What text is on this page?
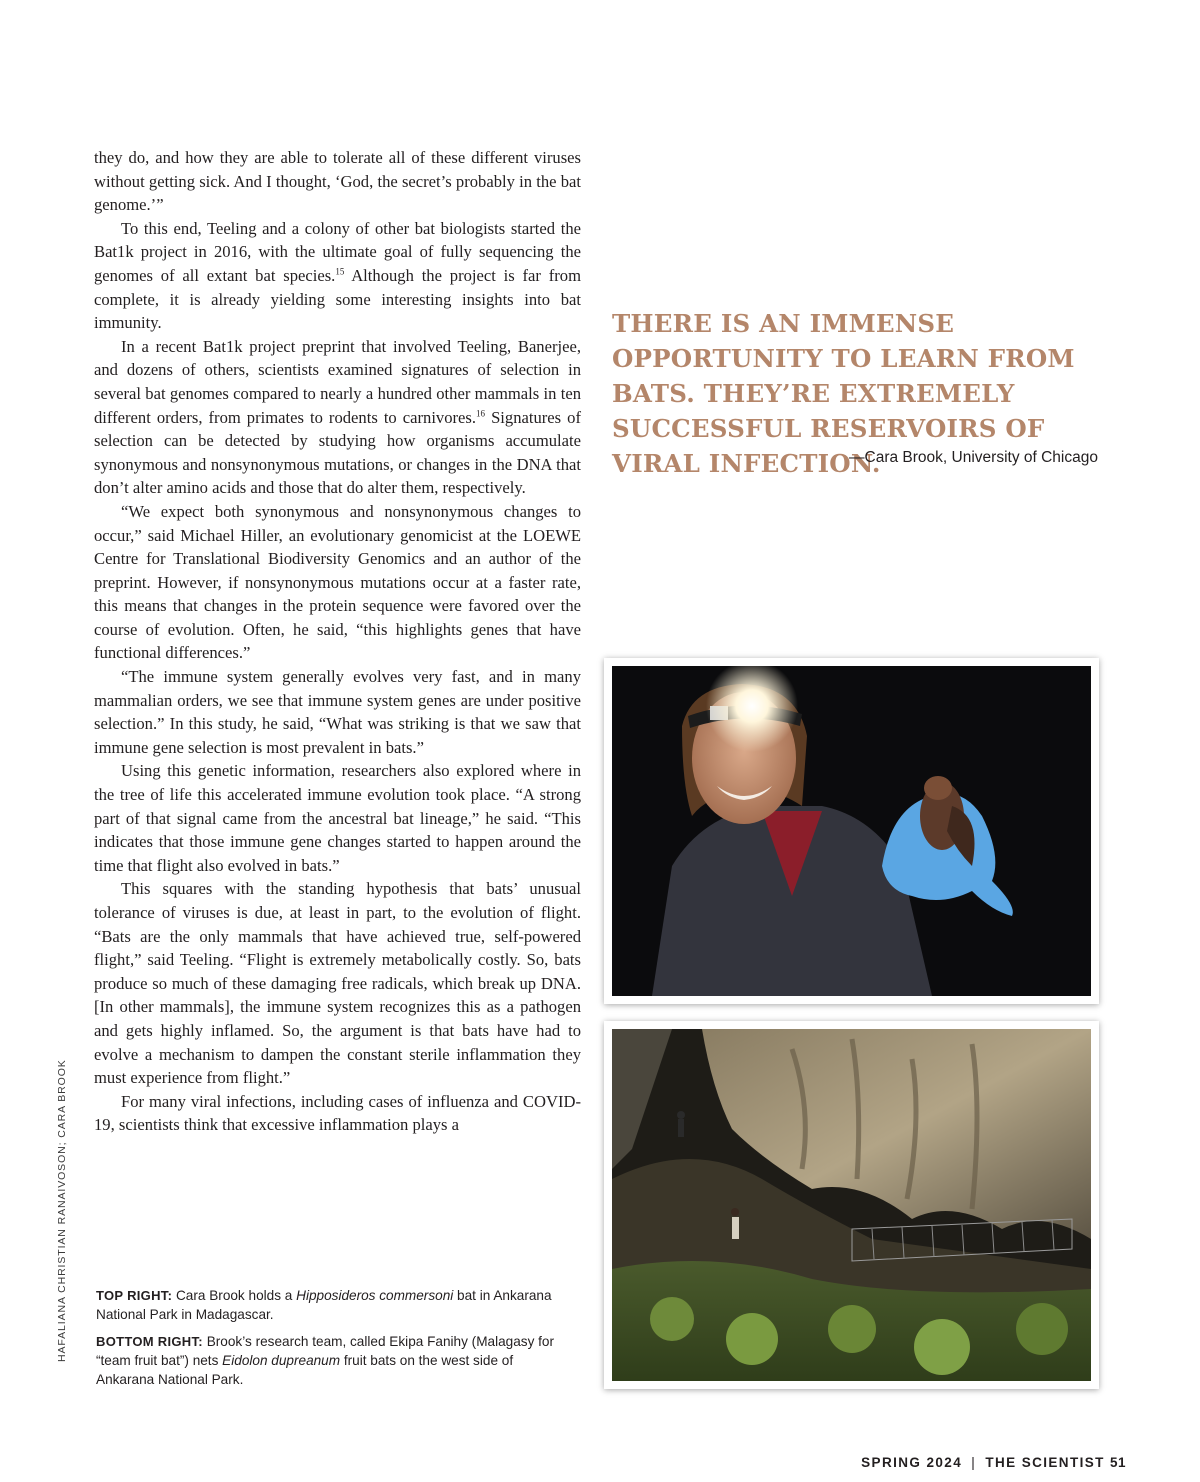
they do, and how they are able to tolerate all of these different viruses without getting sick. And I thought, ‘God, the secret’s probably in the bat genome.’”

To this end, Teeling and a colony of other bat biologists started the Bat1k project in 2016, with the ultimate goal of fully sequencing the genomes of all extant bat species.$^{15}$ Although the project is far from complete, it is already yielding some interesting insights into bat immunity.

In a recent Bat1k project preprint that involved Teeling, Banerjee, and dozens of others, scientists examined signatures of selection in several bat genomes compared to nearly a hundred other mammals in ten different orders, from primates to rodents to carnivores.$^{16}$ Signatures of selection can be detected by studying how organisms accumulate synonymous and nonsynonymous mutations, or changes in the DNA that don’t alter amino acids and those that do alter them, respectively.

“We expect both synonymous and nonsynonymous changes to occur,” said Michael Hiller, an evolutionary genomicist at the LOEWE Centre for Translational Biodiversity Genomics and an author of the preprint. However, if nonsynonymous mutations occur at a faster rate, this means that changes in the protein sequence were favored over the course of evolution. Often, he said, “this highlights genes that have functional differences.”

“The immune system generally evolves very fast, and in many mammalian orders, we see that immune system genes are under positive selection.” In this study, he said, “What was striking is that we saw that immune gene selection is most prevalent in bats.”

Using this genetic information, researchers also explored where in the tree of life this accelerated immune evolution took place. “A strong part of that signal came from the ancestral bat lineage,” he said. “This indicates that those immune gene changes started to happen around the time that flight also evolved in bats.”

This squares with the standing hypothesis that bats’ unusual tolerance of viruses is due, at least in part, to the evolution of flight. “Bats are the only mammals that have achieved true, self-powered flight,” said Teeling. “Flight is extremely metabolically costly. So, bats produce so much of these damaging free radicals, which break up DNA. [In other mammals], the immune system recognizes this as a pathogen and gets highly inflamed. So, the argument is that bats have had to evolve a mechanism to dampen the constant sterile inflammation they must experience from flight.”

For many viral infections, including cases of influenza and COVID-19, scientists think that excessive inflammation plays a

THERE IS AN IMMENSE OPPORTUNITY TO LEARN FROM BATS. THEY’RE EXTREMELY SUCCESSFUL RESERVOIRS OF VIRAL INFECTION.
—Cara Brook, University of Chicago

TOP RIGHT: Cara Brook holds a Hipposideros commersoni bat in Ankarana National Park in Madagascar.

BOTTOM RIGHT: Brook’s research team, called Ekipa Fanihy (Malagasy for “team fruit bat”) nets Eidolon dupreanum fruit bats on the west side of Ankarana National Park.

HAFALIANA CHRISTIAN RANAIVOSON; CARA BROOK
SPRING 2024 | THE SCIENTIST 51
